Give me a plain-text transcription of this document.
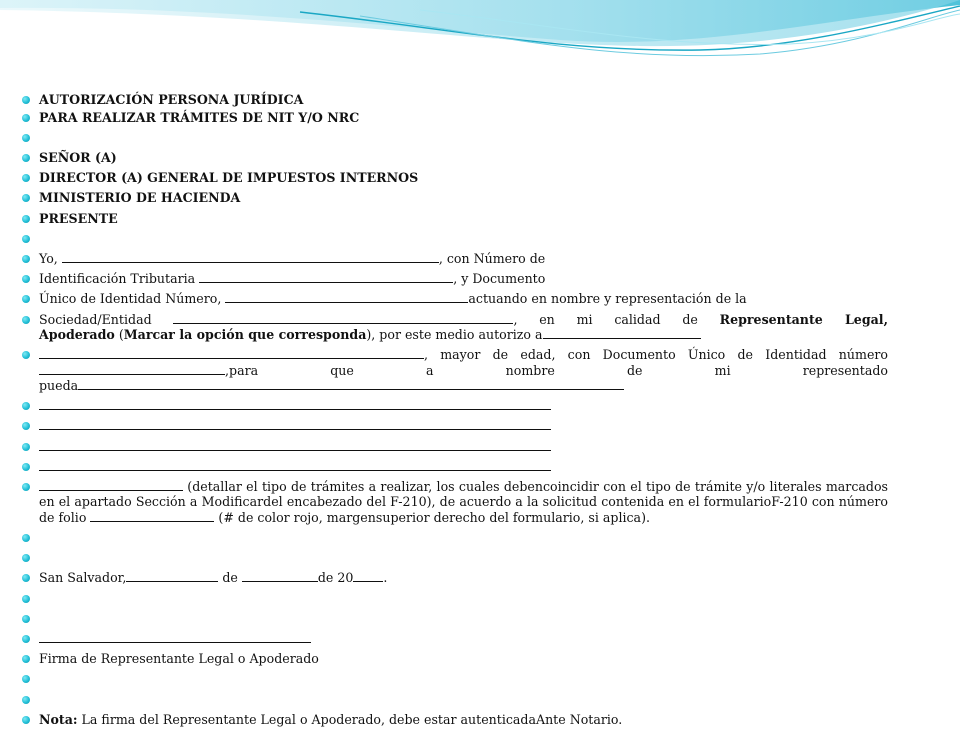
AUTORIZACIÓN PERSONA JURÍDICA
PARA REALIZAR TRÁMITES DE NIT Y/O NRC
SEÑOR (A)
DIRECTOR (A) GENERAL DE IMPUESTOS INTERNOS
MINISTERIO DE HACIENDA
PRESENTE
Yo,	, con Número de
Identificación Tributaria	, y Documento
Único de Identidad Número,	actuando en nombre y representación de la
Sociedad/Entidad	, en mi calidad de Representante Legal,
Apoderado (Marcar la opción que corresponda), por este medio autorizo a
, mayor de edad, con Documento Único de Identidad número
,para que a nombre de mi representado
pueda
(detallar el tipo de trámites a realizar, los cuales debencoincidir con el tipo de trámite y/o literales marcados en el apartado Sección a Modificardel encabezado del F-210), de acuerdo a la solicitud contenida en el formularioF-210 con número de folio	(# de color rojo, margensuperior derecho del formulario, si aplica).
San Salvador,	de	de 20 .
Firma de Representante Legal o Apoderado
Nota: La firma del Representante Legal o Apoderado, debe estar autenticadaAnte Notario.
